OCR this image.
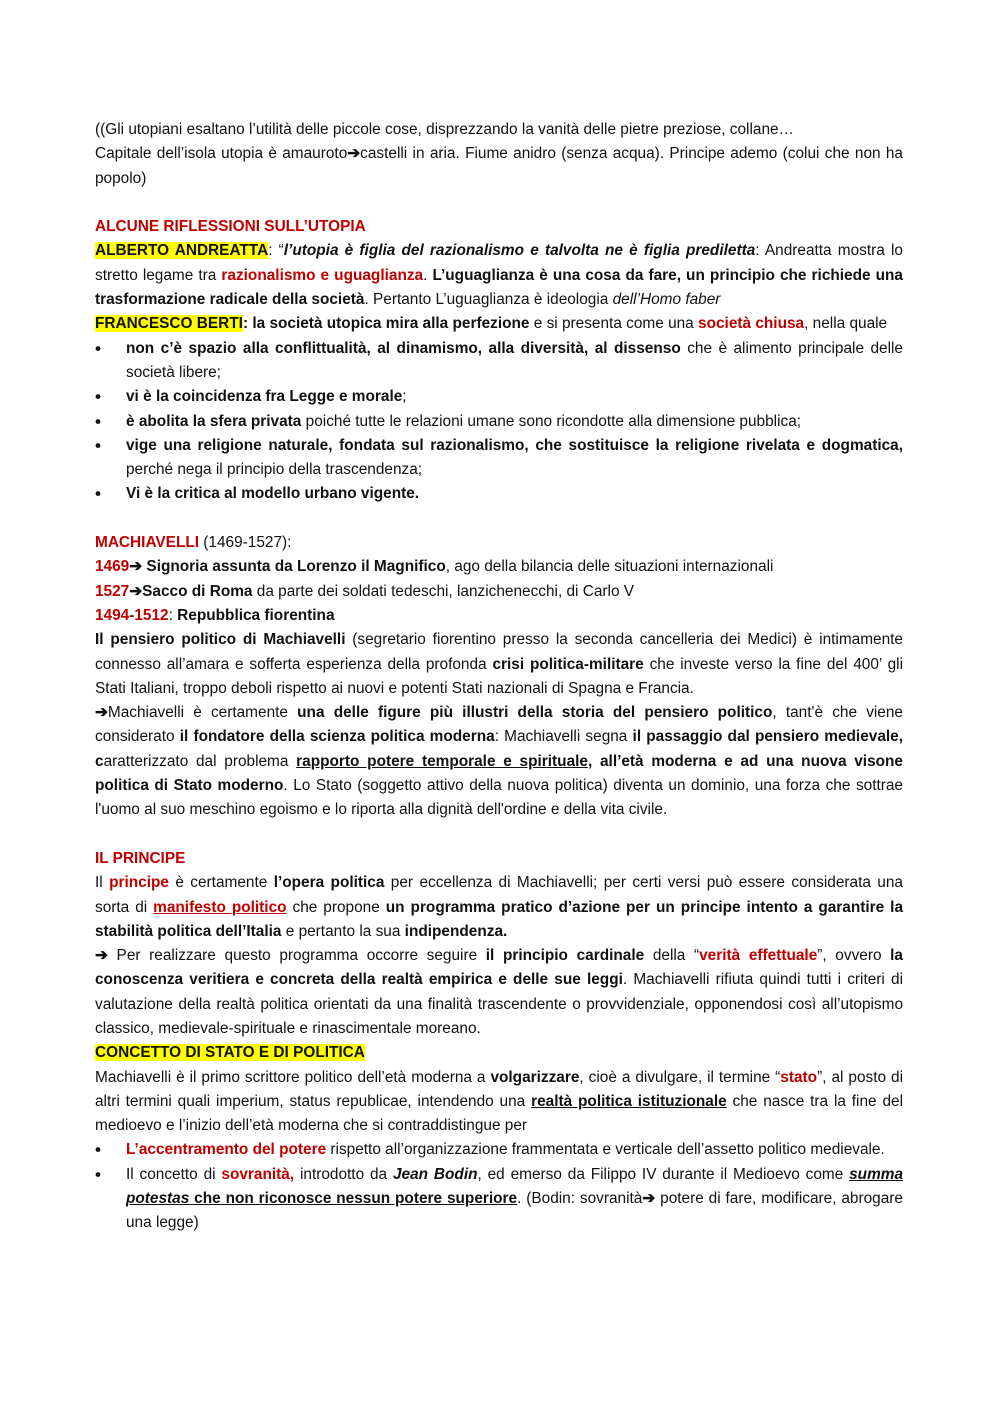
((Gli utopiani esaltano l’utilità delle piccole cose, disprezzando la vanità delle pietre preziose, collane…
Capitale dell’isola utopia è amauroto➔castelli in aria. Fiume anidro (senza acqua). Principe ademo (colui che non ha popolo)

ALCUNE RIFLESSIONI SULL’UTOPIA

ALBERTO ANDREATTA: “l’utopia è figlia del razionalismo e talvolta ne è figlia prediletta: Andreatta mostra lo stretto legame tra razionalismo e uguaglianza. L’uguaglianza è una cosa da fare, un principio che richiede una trasformazione radicale della società. Pertanto L’uguaglianza è ideologia dell’Homo faber

FRANCESCO BERTI: la società utopica mira alla perfezione e si presenta come una società chiusa, nella quale

• non c’è spazio alla conflittualità, al dinamismo, alla diversità, al dissenso che è alimento principale delle società libere;
• vi è la coincidenza fra Legge e morale;
• è abolita la sfera privata poiché tutte le relazioni umane sono ricondotte alla dimensione pubblica;
• vige una religione naturale, fondata sul razionalismo, che sostituisce la religione rivelata e dogmatica, perché nega il principio della trascendenza;
• Vi è la critica al modello urbano vigente.

MACHIAVELLI (1469-1527):

1469➔ Signoria assunta da Lorenzo il Magnifico, ago della bilancia delle situazioni internazionali

1527➔Sacco di Roma da parte dei soldati tedeschi, lanzichenecchi, di Carlo V

1494-1512: Repubblica fiorentina

Il pensiero politico di Machiavelli (segretario fiorentino presso la seconda cancelleria dei Medici) è intimamente connesso all’amara e sofferta esperienza della profonda crisi politica-militare che investe verso la fine del 400’ gli Stati Italiani, troppo deboli rispetto ai nuovi e potenti Stati nazionali di Spagna e Francia.

➔Machiavelli è certamente una delle figure più illustri della storia del pensiero politico, tant'è che viene considerato il fondatore della scienza politica moderna: Machiavelli segna il passaggio dal pensiero medievale, caratterizzato dal problema rapporto potere temporale e spirituale, all’età moderna e ad una nuova visone politica di Stato moderno. Lo Stato (soggetto attivo della nuova politica) diventa un dominio, una forza che sottrae l'uomo al suo meschino egoismo e lo riporta alla dignità dell'ordine e della vita civile.

IL PRINCIPE

Il principe è certamente l’opera politica per eccellenza di Machiavelli; per certi versi può essere considerata una sorta di manifesto politico che propone un programma pratico d’azione per un principe intento a garantire la stabilità politica dell’Italia e pertanto la sua indipendenza.

➔ Per realizzare questo programma occorre seguire il principio cardinale della “verità effettuale”, ovvero la conoscenza veritiera e concreta della realtà empirica e delle sue leggi. Machiavelli rifiuta quindi tutti i criteri di valutazione della realtà politica orientati da una finalità trascendente o provvidenziale, opponendosi così all’utopismo classico, medievale-spirituale e rinascimentale moreano.

CONCETTO DI STATO E DI POLITICA

Machiavelli è il primo scrittore politico dell’età moderna a volgarizzare, cioè a divulgare, il termine “stato”, al posto di altri termini quali imperium, status republicae, intendendo una realtà politica istituzionale che nasce tra la fine del medioevo e l’inizio dell’età moderna che si contraddistingue per

• L’accentramento del potere rispetto all’organizzazione frammentata e verticale dell’assetto politico medievale.
• Il concetto di sovranità, introdotto da Jean Bodin, ed emerso da Filippo IV durante il Medioevo come summa potestas che non riconosce nessun potere superiore. (Bodin: sovranità➔ potere di fare, modificare, abrogare una legge)
